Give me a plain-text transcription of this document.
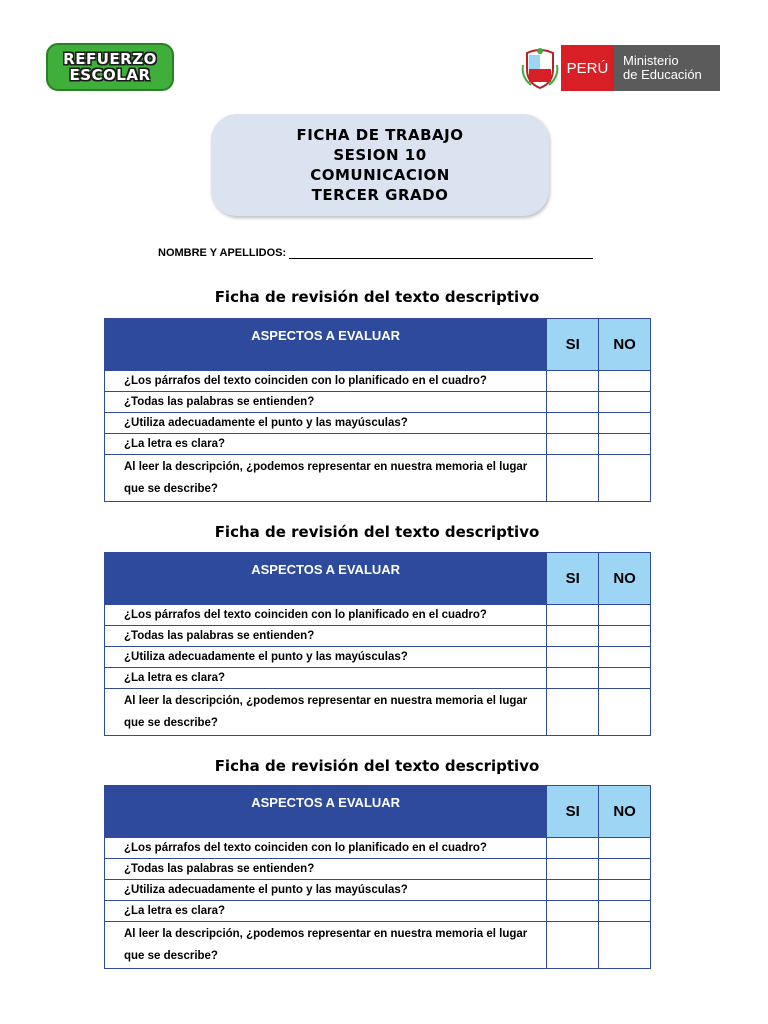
REFUERZO
ESCOLAR	PERÚ	Ministerio
de Educación
FICHA DE TRABAJO
SESION 10
COMUNICACION
TERCER GRADO
NOMBRE Y APELLIDOS:
Ficha de revisión del texto descriptivo
ASPECTOS A EVALUAR	SI	NO
¿Los párrafos del texto coinciden con lo planificado en el cuadro?		
¿Todas las palabras se entienden?		
¿Utiliza adecuadamente el punto y las mayúsculas?		
¿La letra es clara?		
Al leer la descripción, ¿podemos representar en nuestra memoria el lugar que se describe?		
Ficha de revisión del texto descriptivo
ASPECTOS A EVALUAR	SI	NO
¿Los párrafos del texto coinciden con lo planificado en el cuadro?		
¿Todas las palabras se entienden?		
¿Utiliza adecuadamente el punto y las mayúsculas?		
¿La letra es clara?		
Al leer la descripción, ¿podemos representar en nuestra memoria el lugar que se describe?		
Ficha de revisión del texto descriptivo
ASPECTOS A EVALUAR	SI	NO
¿Los párrafos del texto coinciden con lo planificado en el cuadro?		
¿Todas las palabras se entienden?		
¿Utiliza adecuadamente el punto y las mayúsculas?		
¿La letra es clara?		
Al leer la descripción, ¿podemos representar en nuestra memoria el lugar que se describe?		
